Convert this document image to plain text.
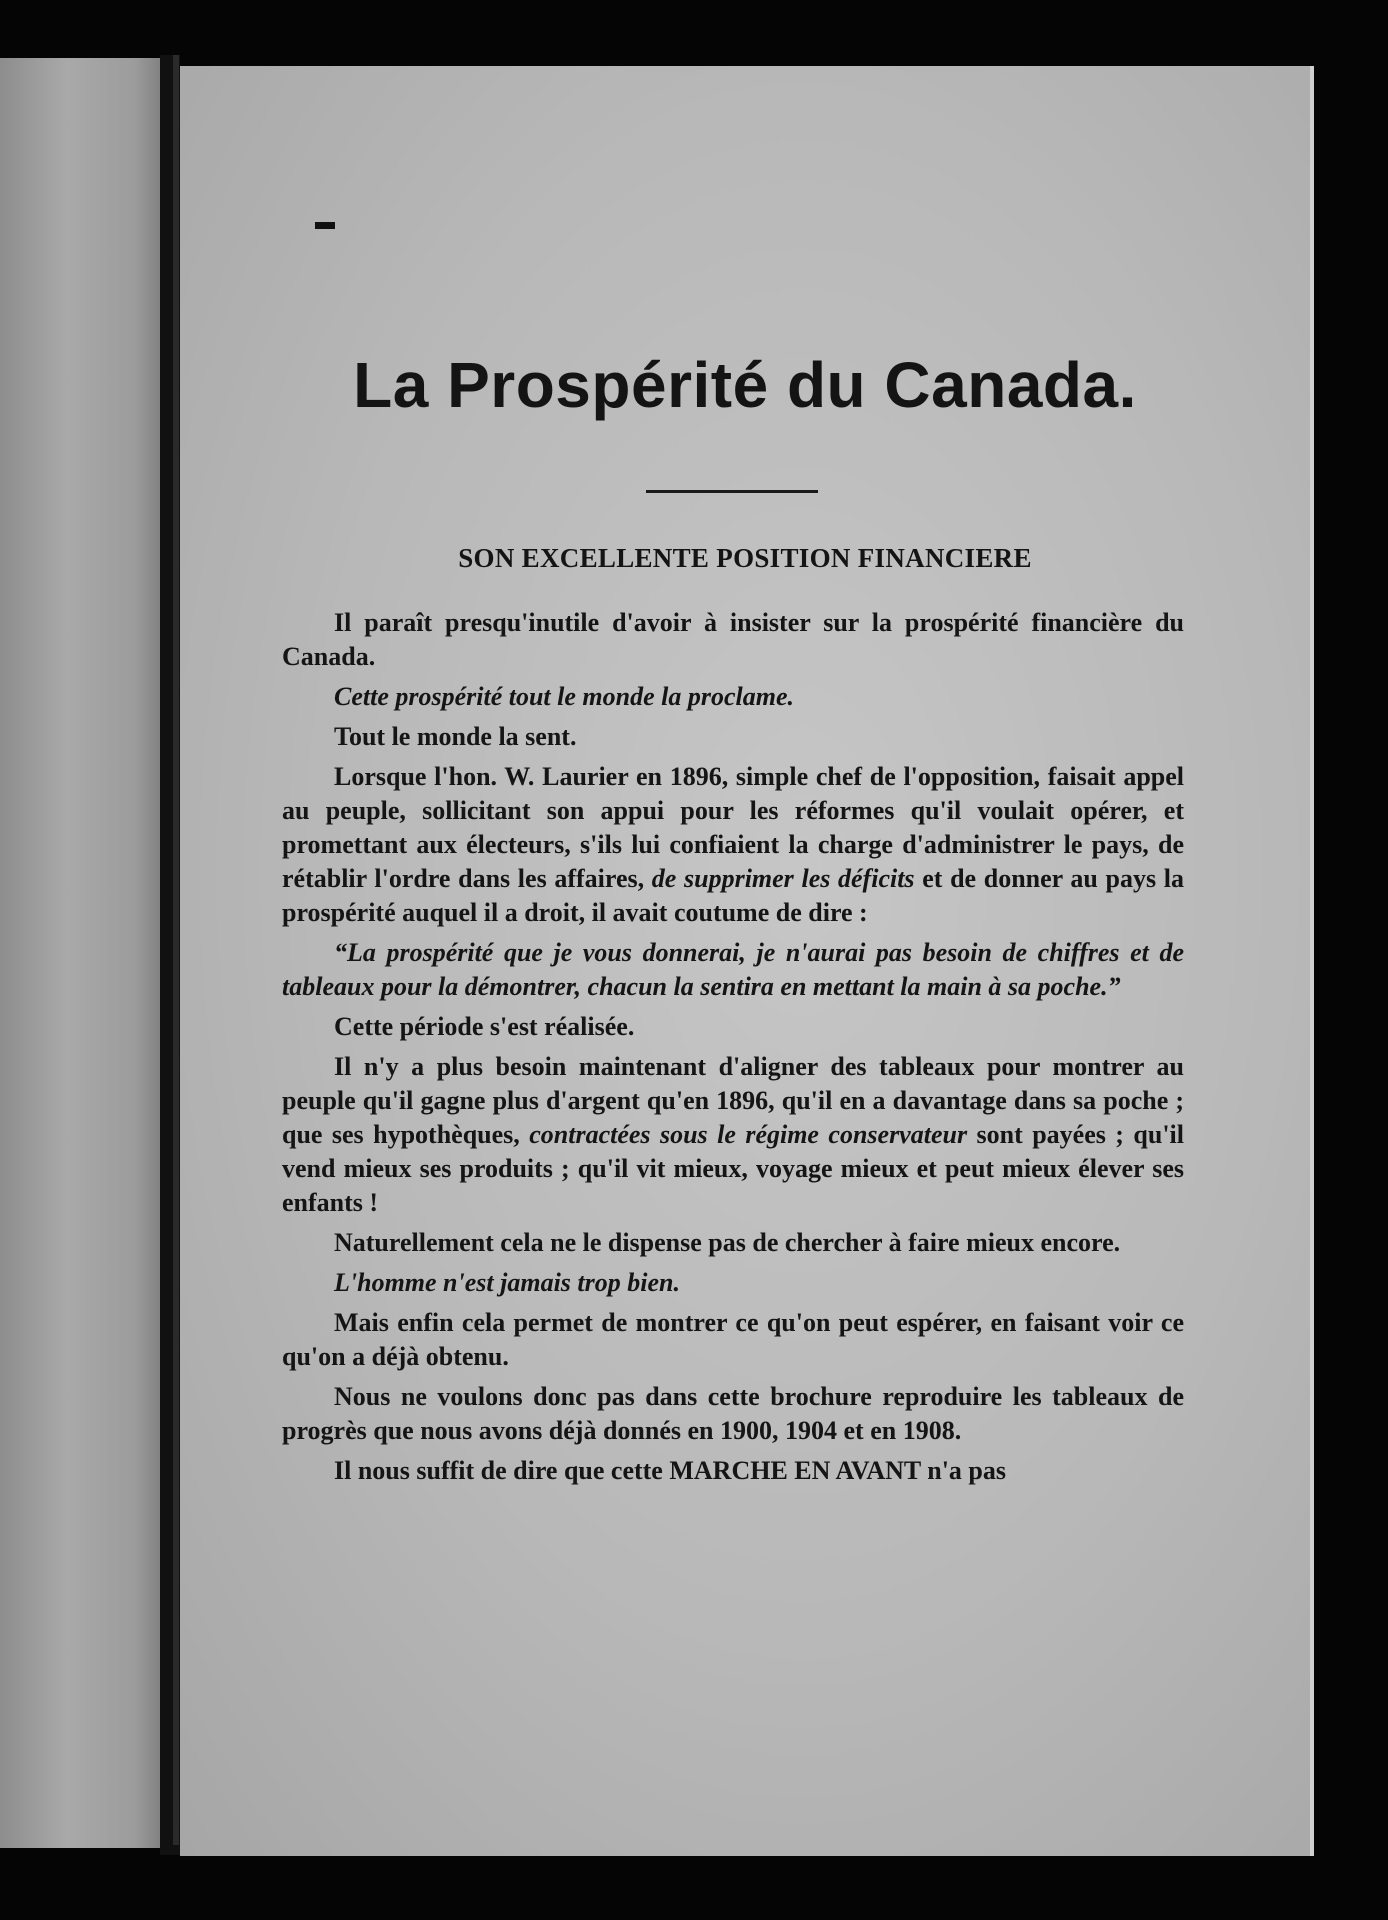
La Prospérité du Canada.
SON EXCELLENTE POSITION FINANCIERE

Il paraît presqu'inutile d'avoir à insister sur la prospérité financière du Canada.

Cette prospérité tout le monde la proclame.

Tout le monde la sent.

Lorsque l'hon. W. Laurier en 1896, simple chef de l'opposition, faisait appel au peuple, sollicitant son appui pour les réformes qu'il voulait opérer, et promettant aux électeurs, s'ils lui confiaient la charge d'administrer le pays, de rétablir l'ordre dans les affaires, de supprimer les déficits et de donner au pays la prospérité auquel il a droit, il avait coutume de dire :

“La prospérité que je vous donnerai, je n'aurai pas besoin de chiffres et de tableaux pour la démontrer, chacun la sentira en mettant la main à sa poche.”

Cette période s'est réalisée.

Il n'y a plus besoin maintenant d'aligner des tableaux pour montrer au peuple qu'il gagne plus d'argent qu'en 1896, qu'il en a davantage dans sa poche ; que ses hypothèques, contractées sous le régime conservateur sont payées ; qu'il vend mieux ses produits ; qu'il vit mieux, voyage mieux et peut mieux élever ses enfants !

Naturellement cela ne le dispense pas de chercher à faire mieux encore.

L'homme n'est jamais trop bien.

Mais enfin cela permet de montrer ce qu'on peut espérer, en faisant voir ce qu'on a déjà obtenu.

Nous ne voulons donc pas dans cette brochure reproduire les tableaux de progrès que nous avons déjà donnés en 1900, 1904 et en 1908.

Il nous suffit de dire que cette MARCHE EN AVANT n'a pas
